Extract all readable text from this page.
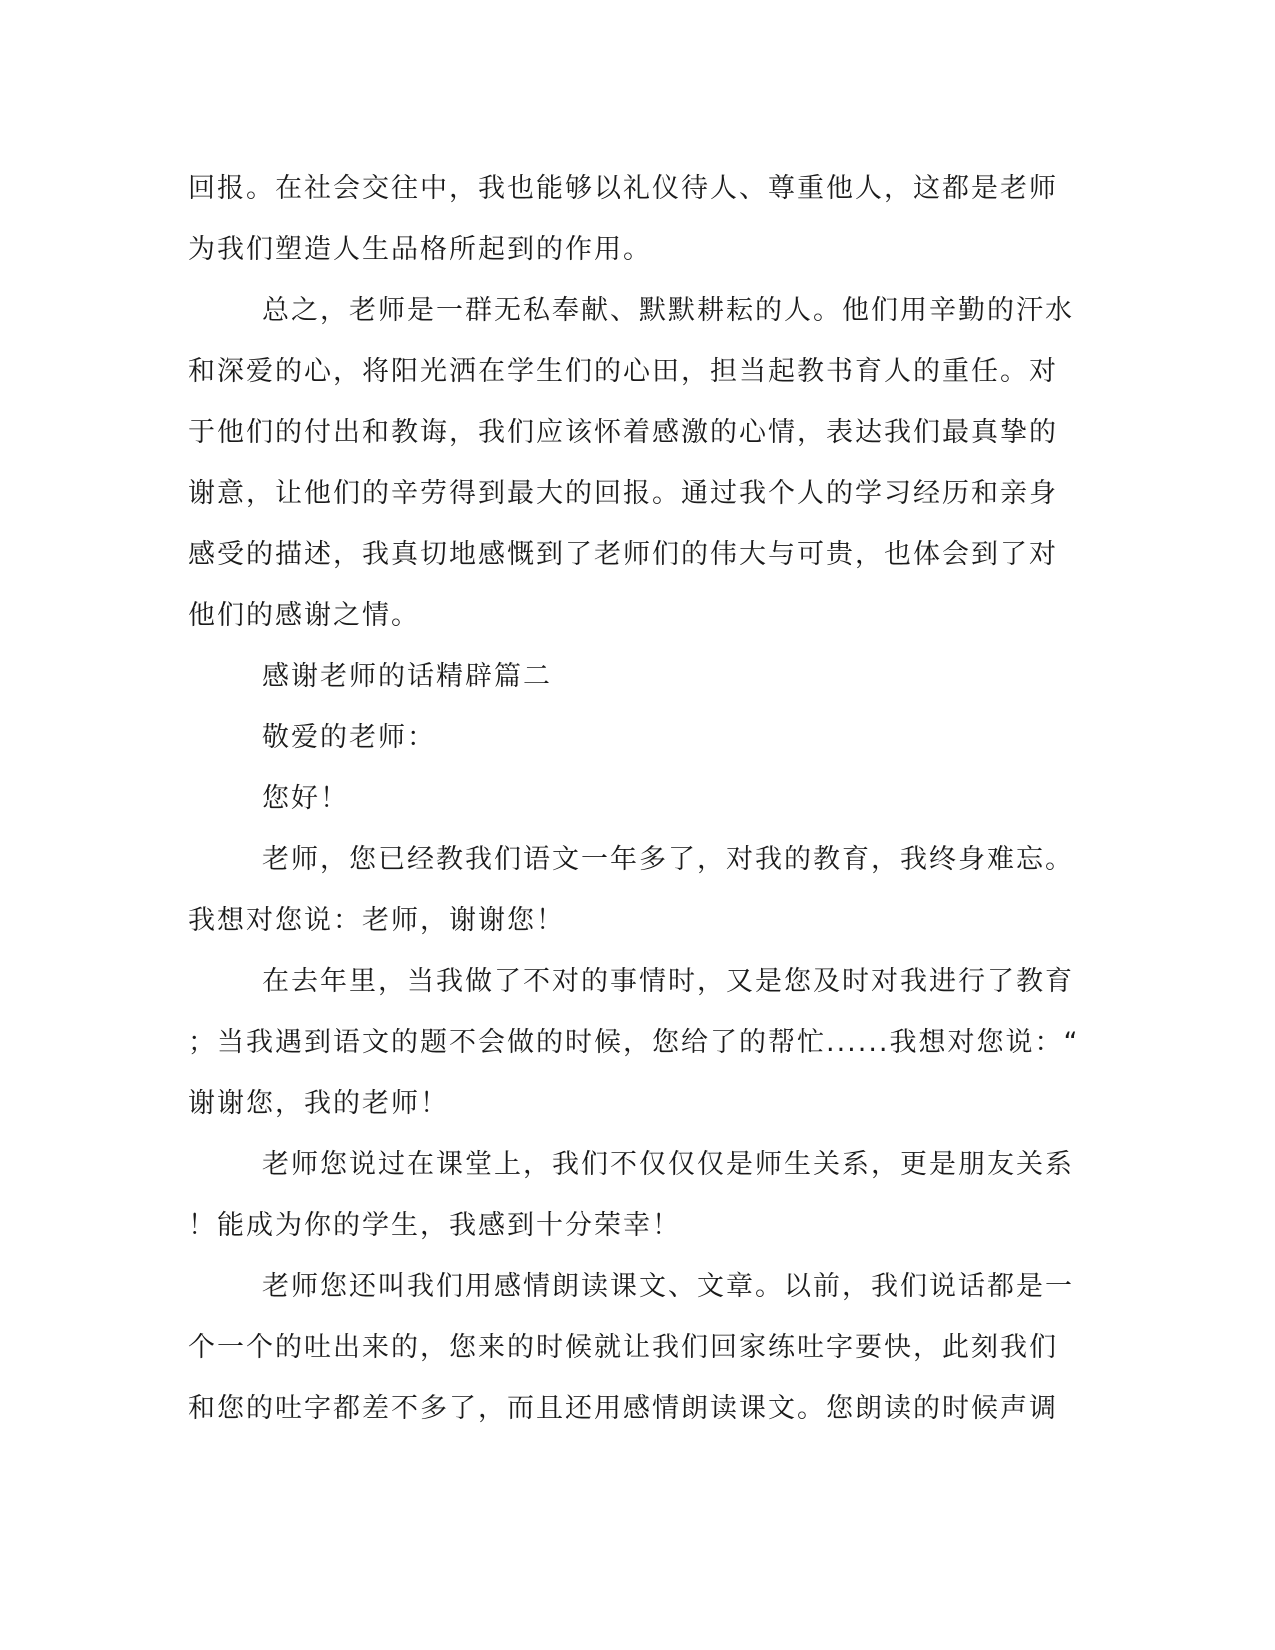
回报。在社会交往中，我也能够以礼仪待人、尊重他人，这都是老师
为我们塑造人生品格所起到的作用。

总之，老师是一群无私奉献、默默耕耘的人。他们用辛勤的汗水
和深爱的心，将阳光洒在学生们的心田，担当起教书育人的重任。对
于他们的付出和教诲，我们应该怀着感激的心情，表达我们最真挚的
谢意，让他们的辛劳得到最大的回报。通过我个人的学习经历和亲身
感受的描述，我真切地感慨到了老师们的伟大与可贵，也体会到了对
他们的感谢之情。

感谢老师的话精辟篇二

敬爱的老师：

您好！

老师，您已经教我们语文一年多了，对我的教育，我终身难忘。
我想对您说：老师，谢谢您！

在去年里，当我做了不对的事情时，又是您及时对我进行了教育
；当我遇到语文的题不会做的时候，您给了的帮忙......我想对您说：“
谢谢您，我的老师！

老师您说过在课堂上，我们不仅仅仅是师生关系，更是朋友关系
！能成为你的学生，我感到十分荣幸！

老师您还叫我们用感情朗读课文、文章。以前，我们说话都是一
个一个的吐出来的，您来的时候就让我们回家练吐字要快，此刻我们
和您的吐字都差不多了，而且还用感情朗读课文。您朗读的时候声调
